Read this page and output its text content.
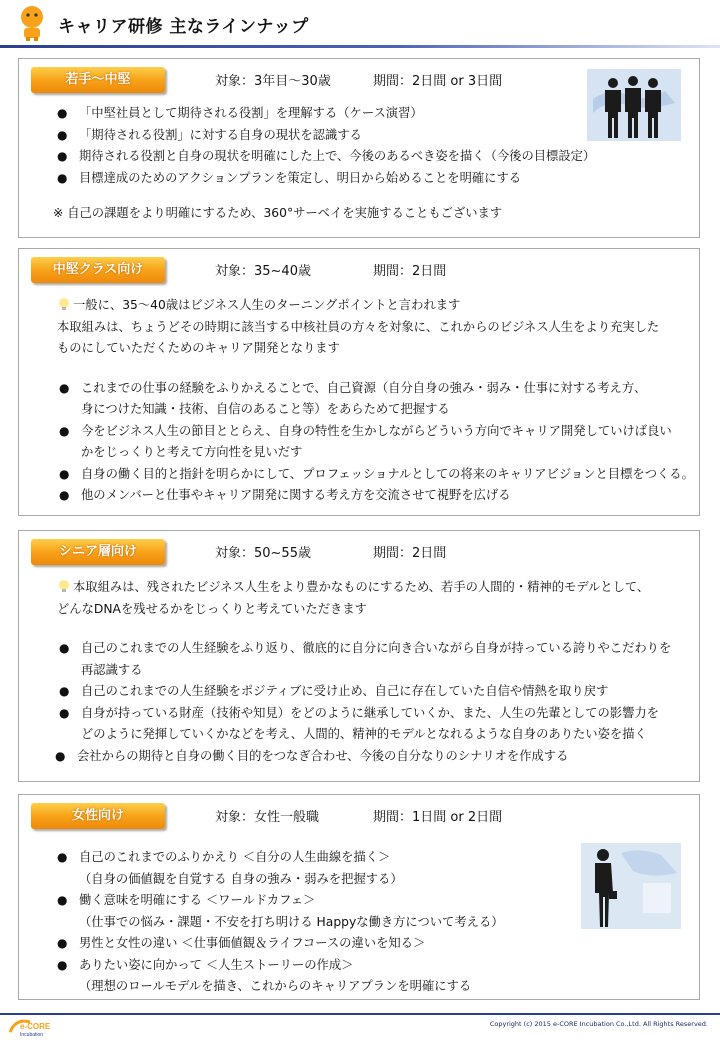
キャリア研修 主なラインナップ
若手～中堅	対象：3年目～30歳	期間：2日間 or 3日間
● 「中堅社員として期待される役割」を理解する（ケース演習）
● 「期待される役割」に対する自身の現状を認識する
● 期待される役割と自身の現状を明確にした上で、今後のあるべき姿を描く（今後の目標設定）
● 目標達成のためのアクションプランを策定し、明日から始めることを明確にする
※ 自己の課題をより明確にするため、360°サーベイを実施することもございます
中堅クラス向け	対象：35~40歳	期間：2日間
一般に、35～40歳はビジネス人生のターニングポイントと言われます
本取組みは、ちょうどその時期に該当する中核社員の方々を対象に、これからのビジネス人生をより充実した
ものにしていただくためのキャリア開発となります
● これまでの仕事の経験をふりかえることで、自己資源（自分自身の強み・弱み・仕事に対する考え方、
身につけた知識・技術、自信のあること等）をあらためて把握する
● 今をビジネス人生の節目ととらえ、自身の特性を生かしながらどういう方向でキャリア開発していけば良い
かをじっくりと考えて方向性を見いだす
● 自身の働く目的と指針を明らかにして、プロフェッショナルとしての将来のキャリアビジョンと目標をつくる。
● 他のメンバーと仕事やキャリア開発に関する考え方を交流させて視野を広げる
シニア層向け	対象：50~55歳	期間：2日間
本取組みは、残されたビジネス人生をより豊かなものにするため、若手の人間的・精神的モデルとして、
どんなDNAを残せるかをじっくりと考えていただきます
● 自己のこれまでの人生経験をふり返り、徹底的に自分に向き合いながら自身が持っている誇りやこだわりを
再認識する
● 自己のこれまでの人生経験をポジティブに受け止め、自己に存在していた自信や情熱を取り戻す
● 自身が持っている財産（技術や知見）をどのように継承していくか、また、人生の先輩としての影響力を
どのように発揮していくかなどを考え、人間的、精神的モデルとなれるような自身のありたい姿を描く
● 会社からの期待と自身の働く目的をつなぎ合わせ、今後の自分なりのシナリオを作成する
女性向け	対象：女性一般職	期間：1日間 or 2日間
● 自己のこれまでのふりかえり ＜自分の人生曲線を描く＞
（自身の価値観を自覚する 自身の強み・弱みを把握する）
● 働く意味を明確にする ＜ワールドカフェ＞
（仕事での悩み・課題・不安を打ち明ける Happyな働き方について考える）
● 男性と女性の違い ＜仕事価値観＆ライフコースの違いを知る＞
● ありたい姿に向かって ＜人生ストーリーの作成＞
（理想のロールモデルを描き、これからのキャリアプランを明確にする
e-CORE
Incubation
Copyright (c) 2015 e-CORE Incubation Co.,Ltd. All Rights Reserved.
